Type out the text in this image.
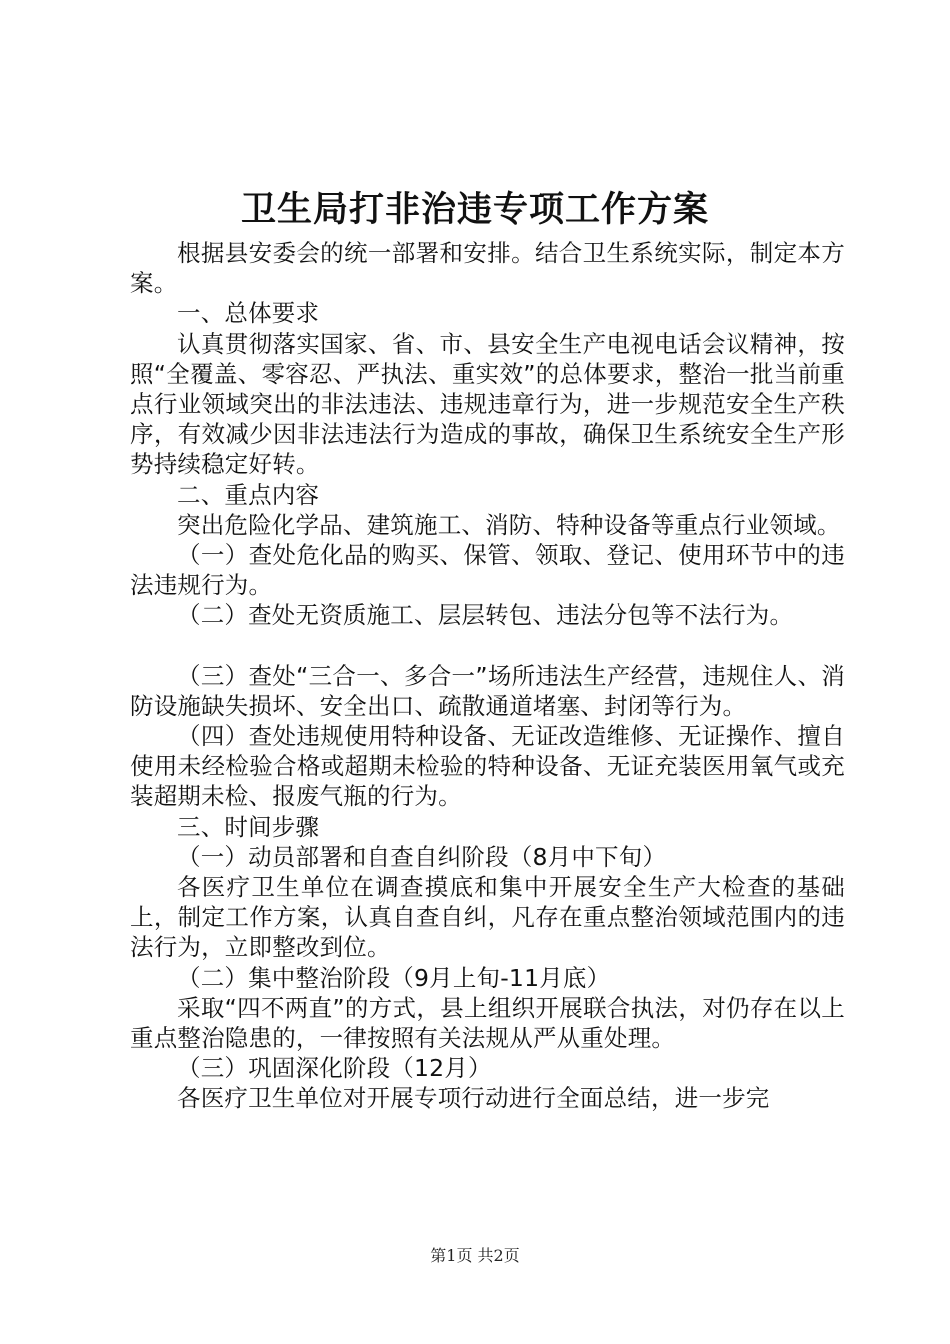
卫生局打非治违专项工作方案

根据县安委会的统一部署和安排。结合卫生系统实际，制定本方案。

一、总体要求

认真贯彻落实国家、省、市、县安全生产电视电话会议精神，按照“全覆盖、零容忍、严执法、重实效”的总体要求，整治一批当前重点行业领域突出的非法违法、违规违章行为，进一步规范安全生产秩序，有效减少因非法违法行为造成的事故，确保卫生系统安全生产形势持续稳定好转。

二、重点内容

突出危险化学品、建筑施工、消防、特种设备等重点行业领域。

（一）查处危化品的购买、保管、领取、登记、使用环节中的违法违规行为。

（二）查处无资质施工、层层转包、违法分包等不法行为。

（三）查处“三合一、多合一”场所违法生产经营，违规住人、消防设施缺失损坏、安全出口、疏散通道堵塞、封闭等行为。

（四）查处违规使用特种设备、无证改造维修、无证操作、擅自使用未经检验合格或超期未检验的特种设备、无证充装医用氧气或充装超期未检、报废气瓶的行为。

三、时间步骤

（一）动员部署和自查自纠阶段（8月中下旬）

各医疗卫生单位在调查摸底和集中开展安全生产大检查的基础上，制定工作方案，认真自查自纠，凡存在重点整治领域范围内的违法行为，立即整改到位。

（二）集中整治阶段（9月上旬-11月底）

采取“四不两直”的方式，县上组织开展联合执法，对仍存在以上重点整治隐患的，一律按照有关法规从严从重处理。

（三）巩固深化阶段（12月）

各医疗卫生单位对开展专项行动进行全面总结，进一步完

第1页 共2页
